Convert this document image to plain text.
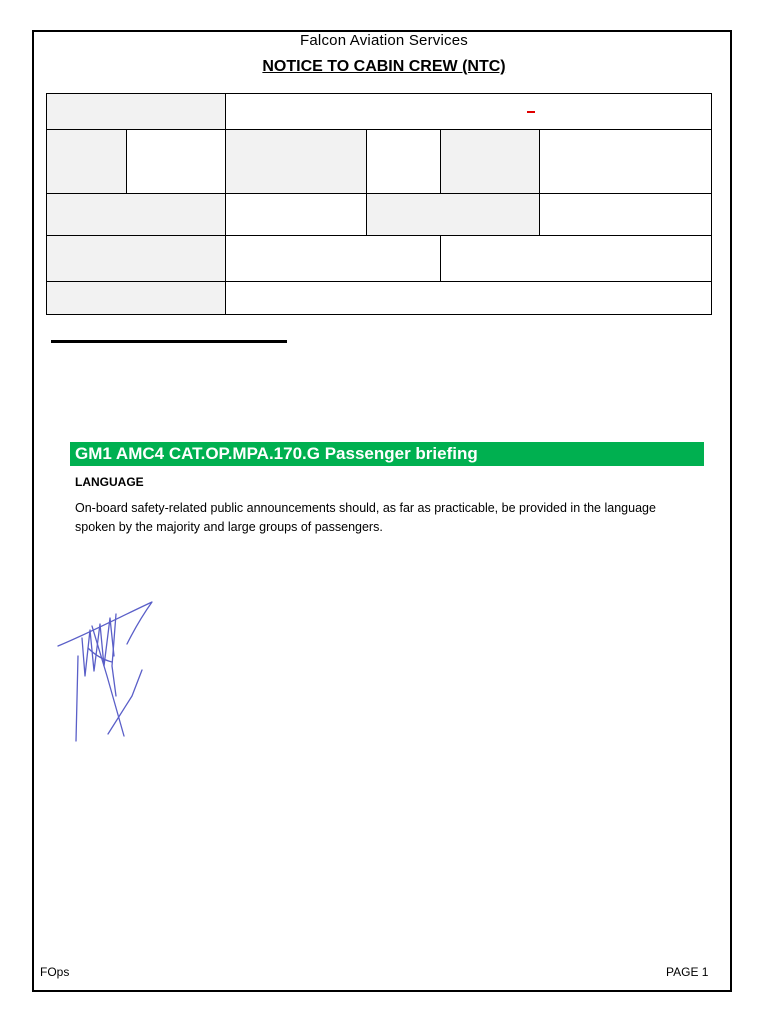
Falcon Aviation Services
NOTICE TO CABIN CREW (NTC)
GM1 AMC4 CAT.OP.MPA.170.G Passenger briefing
LANGUAGE
On-board safety-related public announcements should, as far as practicable, be provided in the language spoken by the majority and large groups of passengers.
FOps	PAGE 1
